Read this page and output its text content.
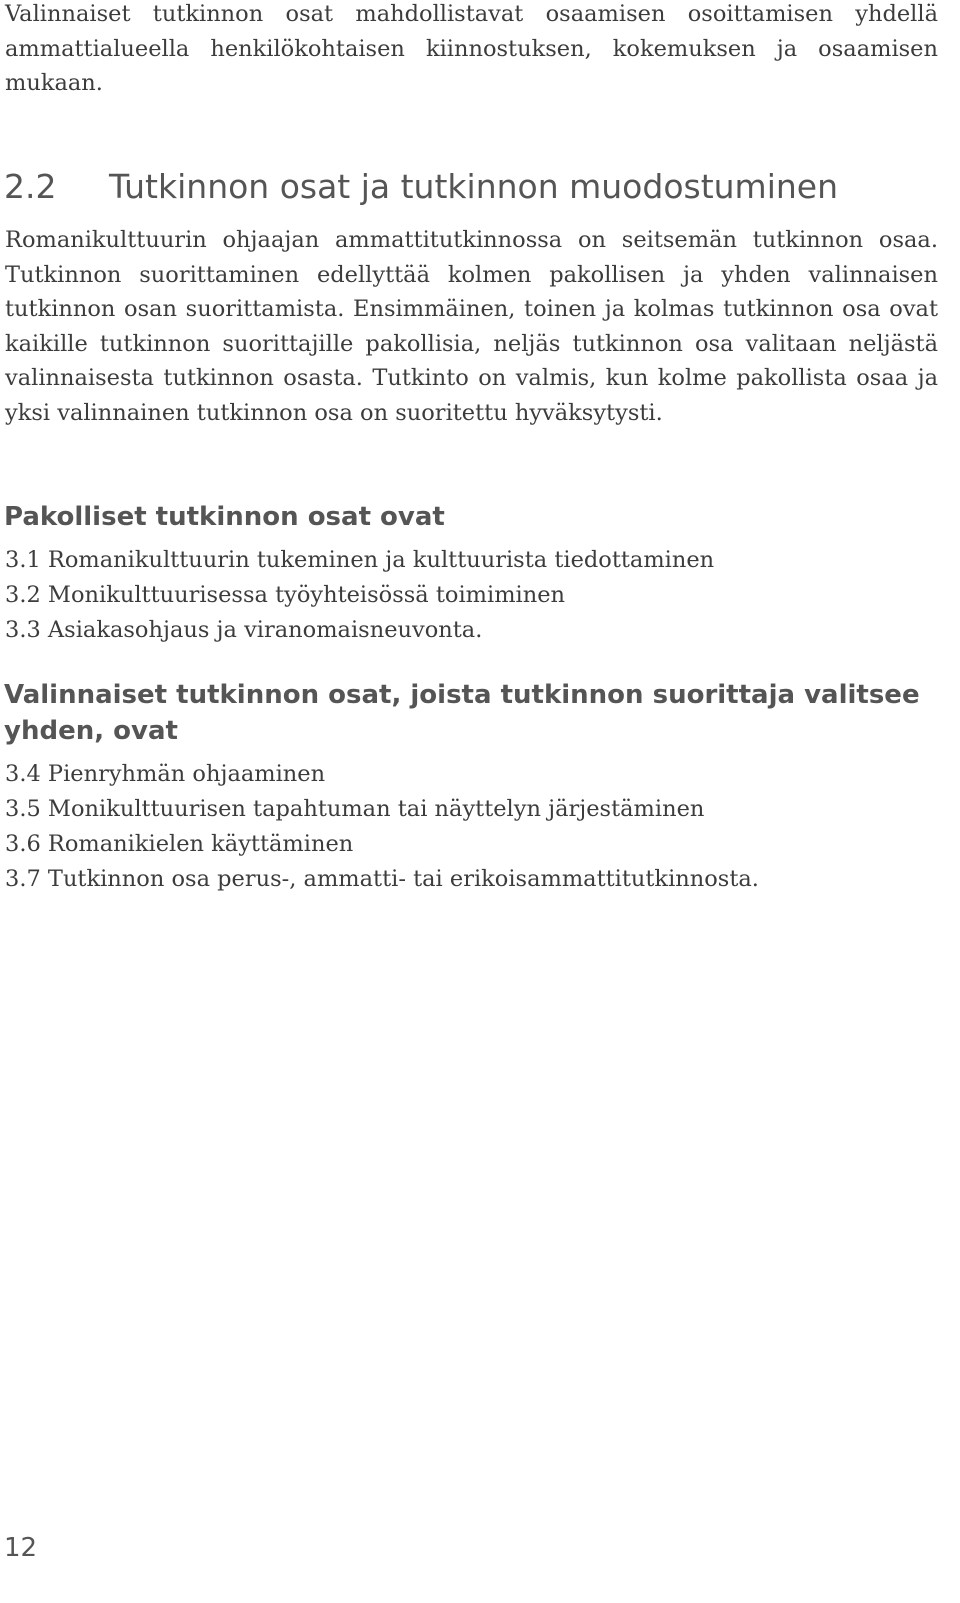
Valinnaiset tutkinnon osat mahdollistavat osaamisen osoittamisen yhdellä ammattialueella henkilökohtaisen kiinnostuksen, kokemuksen ja osaamisen mukaan.

2.2 Tutkinnon osat ja tutkinnon muodostuminen

Romanikulttuurin ohjaajan ammattitutkinnossa on seitsemän tutkinnon osaa. Tutkinnon suorittaminen edellyttää kolmen pakollisen ja yhden valinnaisen tutkinnon osan suorittamista. Ensimmäinen, toinen ja kolmas tutkinnon osa ovat kaikille tutkinnon suorittajille pakollisia, neljäs tutkinnon osa valitaan neljästä valinnaisesta tutkinnon osasta. Tutkinto on valmis, kun kolme pakollista osaa ja yksi valinnainen tutkinnon osa on suoritettu hyväksytysti.

Pakolliset tutkinnon osat ovat
3.1 Romanikulttuurin tukeminen ja kulttuurista tiedottaminen
3.2 Monikulttuurisessa työyhteisössä toimiminen
3.3 Asiakasohjaus ja viranomaisneuvonta.
Valinnaiset tutkinnon osat, joista tutkinnon suorittaja valitsee yhden, ovat
3.4 Pienryhmän ohjaaminen
3.5 Monikulttuurisen tapahtuman tai näyttelyn järjestäminen
3.6 Romanikielen käyttäminen
3.7 Tutkinnon osa perus-, ammatti- tai erikoisammattitutkinnosta.
12
